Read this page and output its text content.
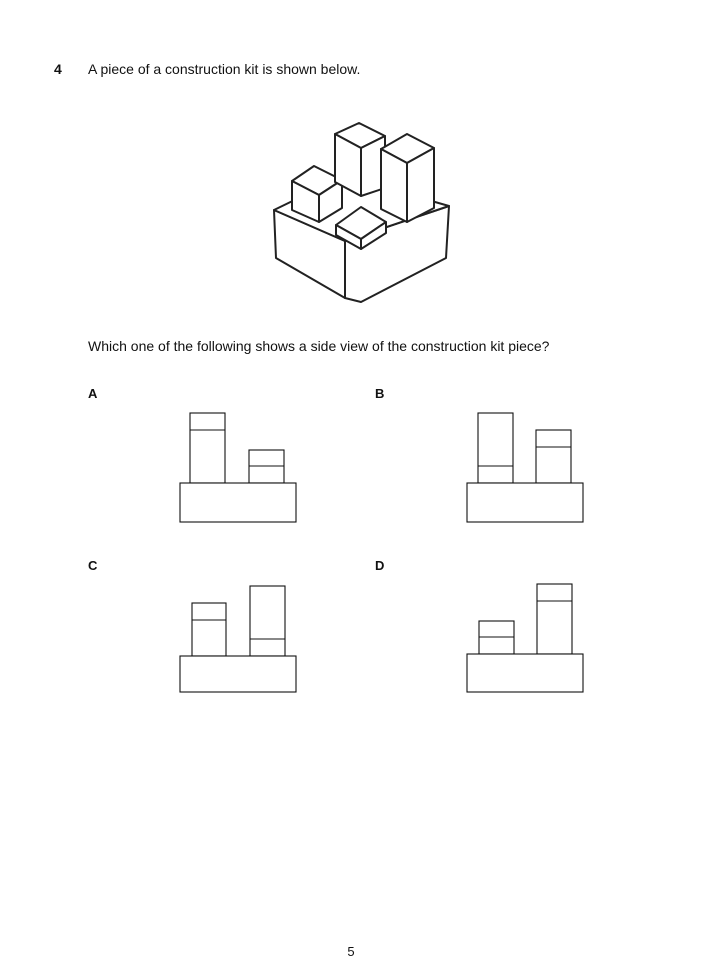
4 A piece of a construction kit is shown below.
Which one of the following shows a side view of the construction kit piece?
A	B
C	D
5
